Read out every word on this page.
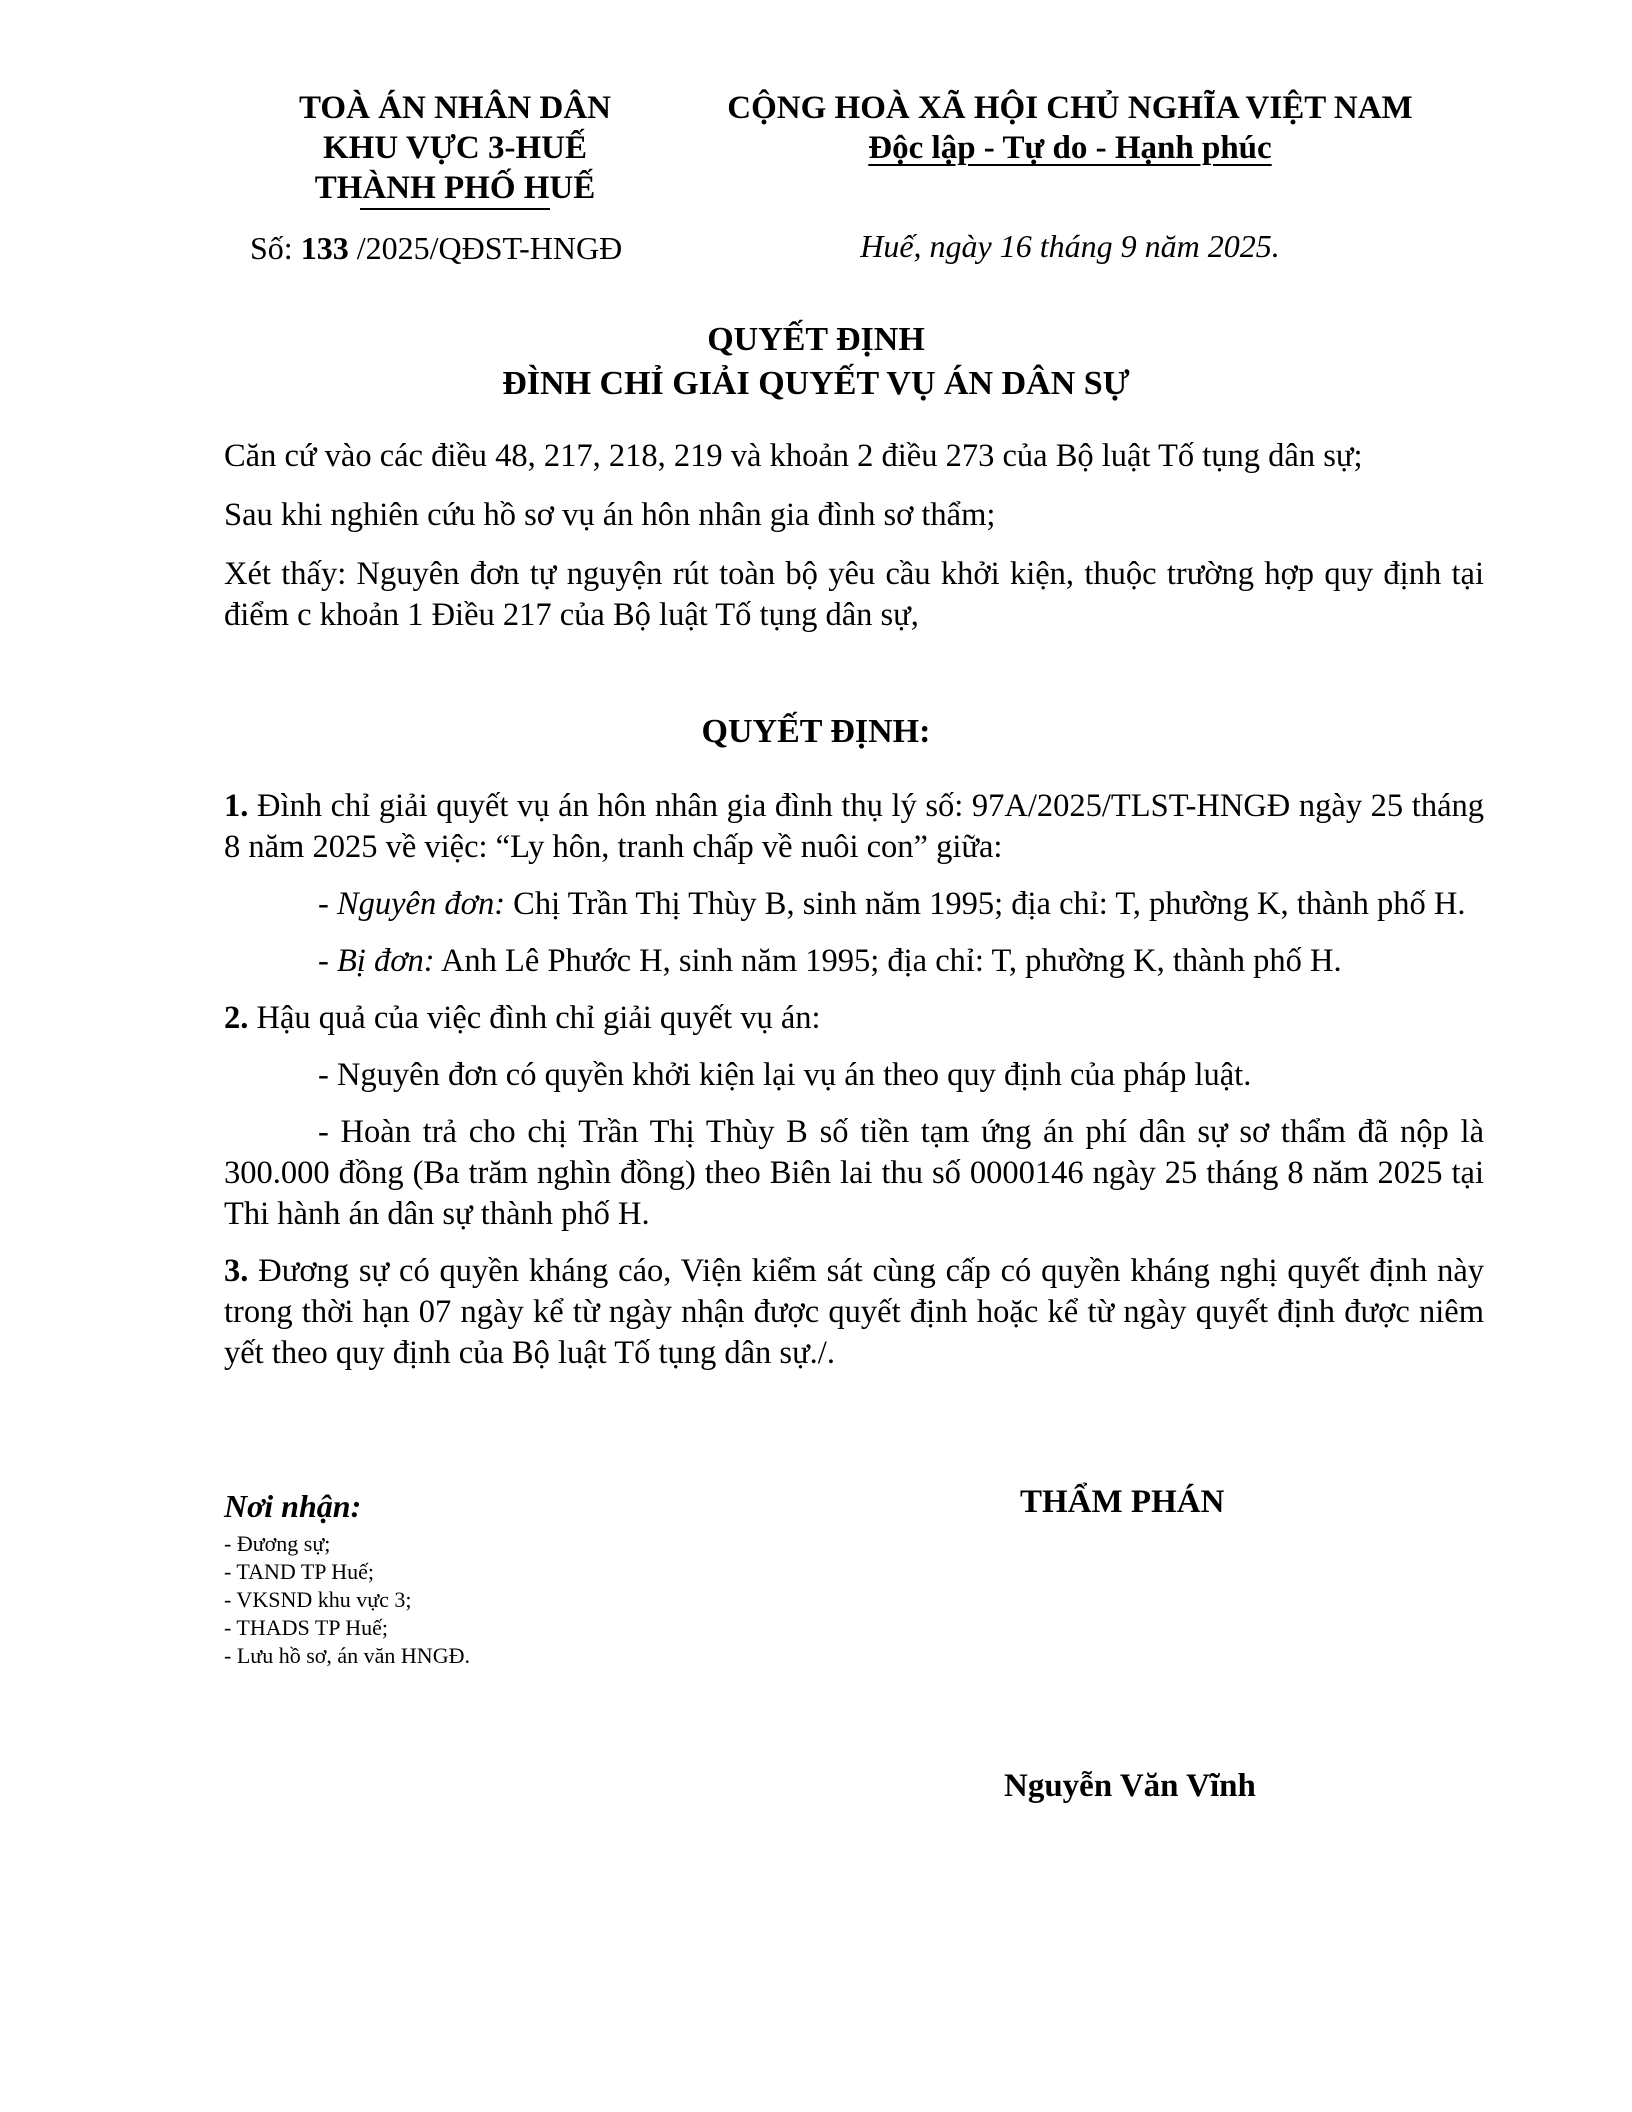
TOÀ ÁN NHÂN DÂN
KHU VỰC 3-HUẾ
THÀNH PHỐ HUẾ
CỘNG HOÀ XÃ HỘI CHỦ NGHĨA VIỆT NAM
Độc lập - Tự do - Hạnh phúc
Số: 133 /2025/QĐST-HNGĐ	Huế, ngày 16 tháng 9 năm 2025.
QUYẾT ĐỊNH
ĐÌNH CHỈ GIẢI QUYẾT VỤ ÁN DÂN SỰ

Căn cứ vào các điều 48, 217, 218, 219 và khoản 2 điều 273 của Bộ luật Tố tụng dân sự;

Sau khi nghiên cứu hồ sơ vụ án hôn nhân gia đình sơ thẩm;

Xét thấy: Nguyên đơn tự nguyện rút toàn bộ yêu cầu khởi kiện, thuộc trường hợp quy định tại điểm c khoản 1 Điều 217 của Bộ luật Tố tụng dân sự,

QUYẾT ĐỊNH:

1. Đình chỉ giải quyết vụ án hôn nhân gia đình thụ lý số: 97A/2025/TLST-HNGĐ ngày 25 tháng 8 năm 2025 về việc: “Ly hôn, tranh chấp về nuôi con” giữa:

- Nguyên đơn: Chị Trần Thị Thùy B, sinh năm 1995; địa chỉ: T, phường K, thành phố H.

- Bị đơn: Anh Lê Phước H, sinh năm 1995; địa chỉ: T, phường K, thành phố H.

2. Hậu quả của việc đình chỉ giải quyết vụ án:

- Nguyên đơn có quyền khởi kiện lại vụ án theo quy định của pháp luật.

- Hoàn trả cho chị Trần Thị Thùy B số tiền tạm ứng án phí dân sự sơ thẩm đã nộp là 300.000 đồng (Ba trăm nghìn đồng) theo Biên lai thu số 0000146 ngày 25 tháng 8 năm 2025 tại Thi hành án dân sự thành phố H.

3. Đương sự có quyền kháng cáo, Viện kiểm sát cùng cấp có quyền kháng nghị quyết định này trong thời hạn 07 ngày kể từ ngày nhận được quyết định hoặc kể từ ngày quyết định được niêm yết theo quy định của Bộ luật Tố tụng dân sự./.

Nơi nhận:
- Đương sự;
- TAND TP Huế;
- VKSND khu vực 3;
- THADS TP Huế;
- Lưu hồ sơ, án văn HNGĐ.
THẨM PHÁN
Nguyễn Văn Vĩnh
